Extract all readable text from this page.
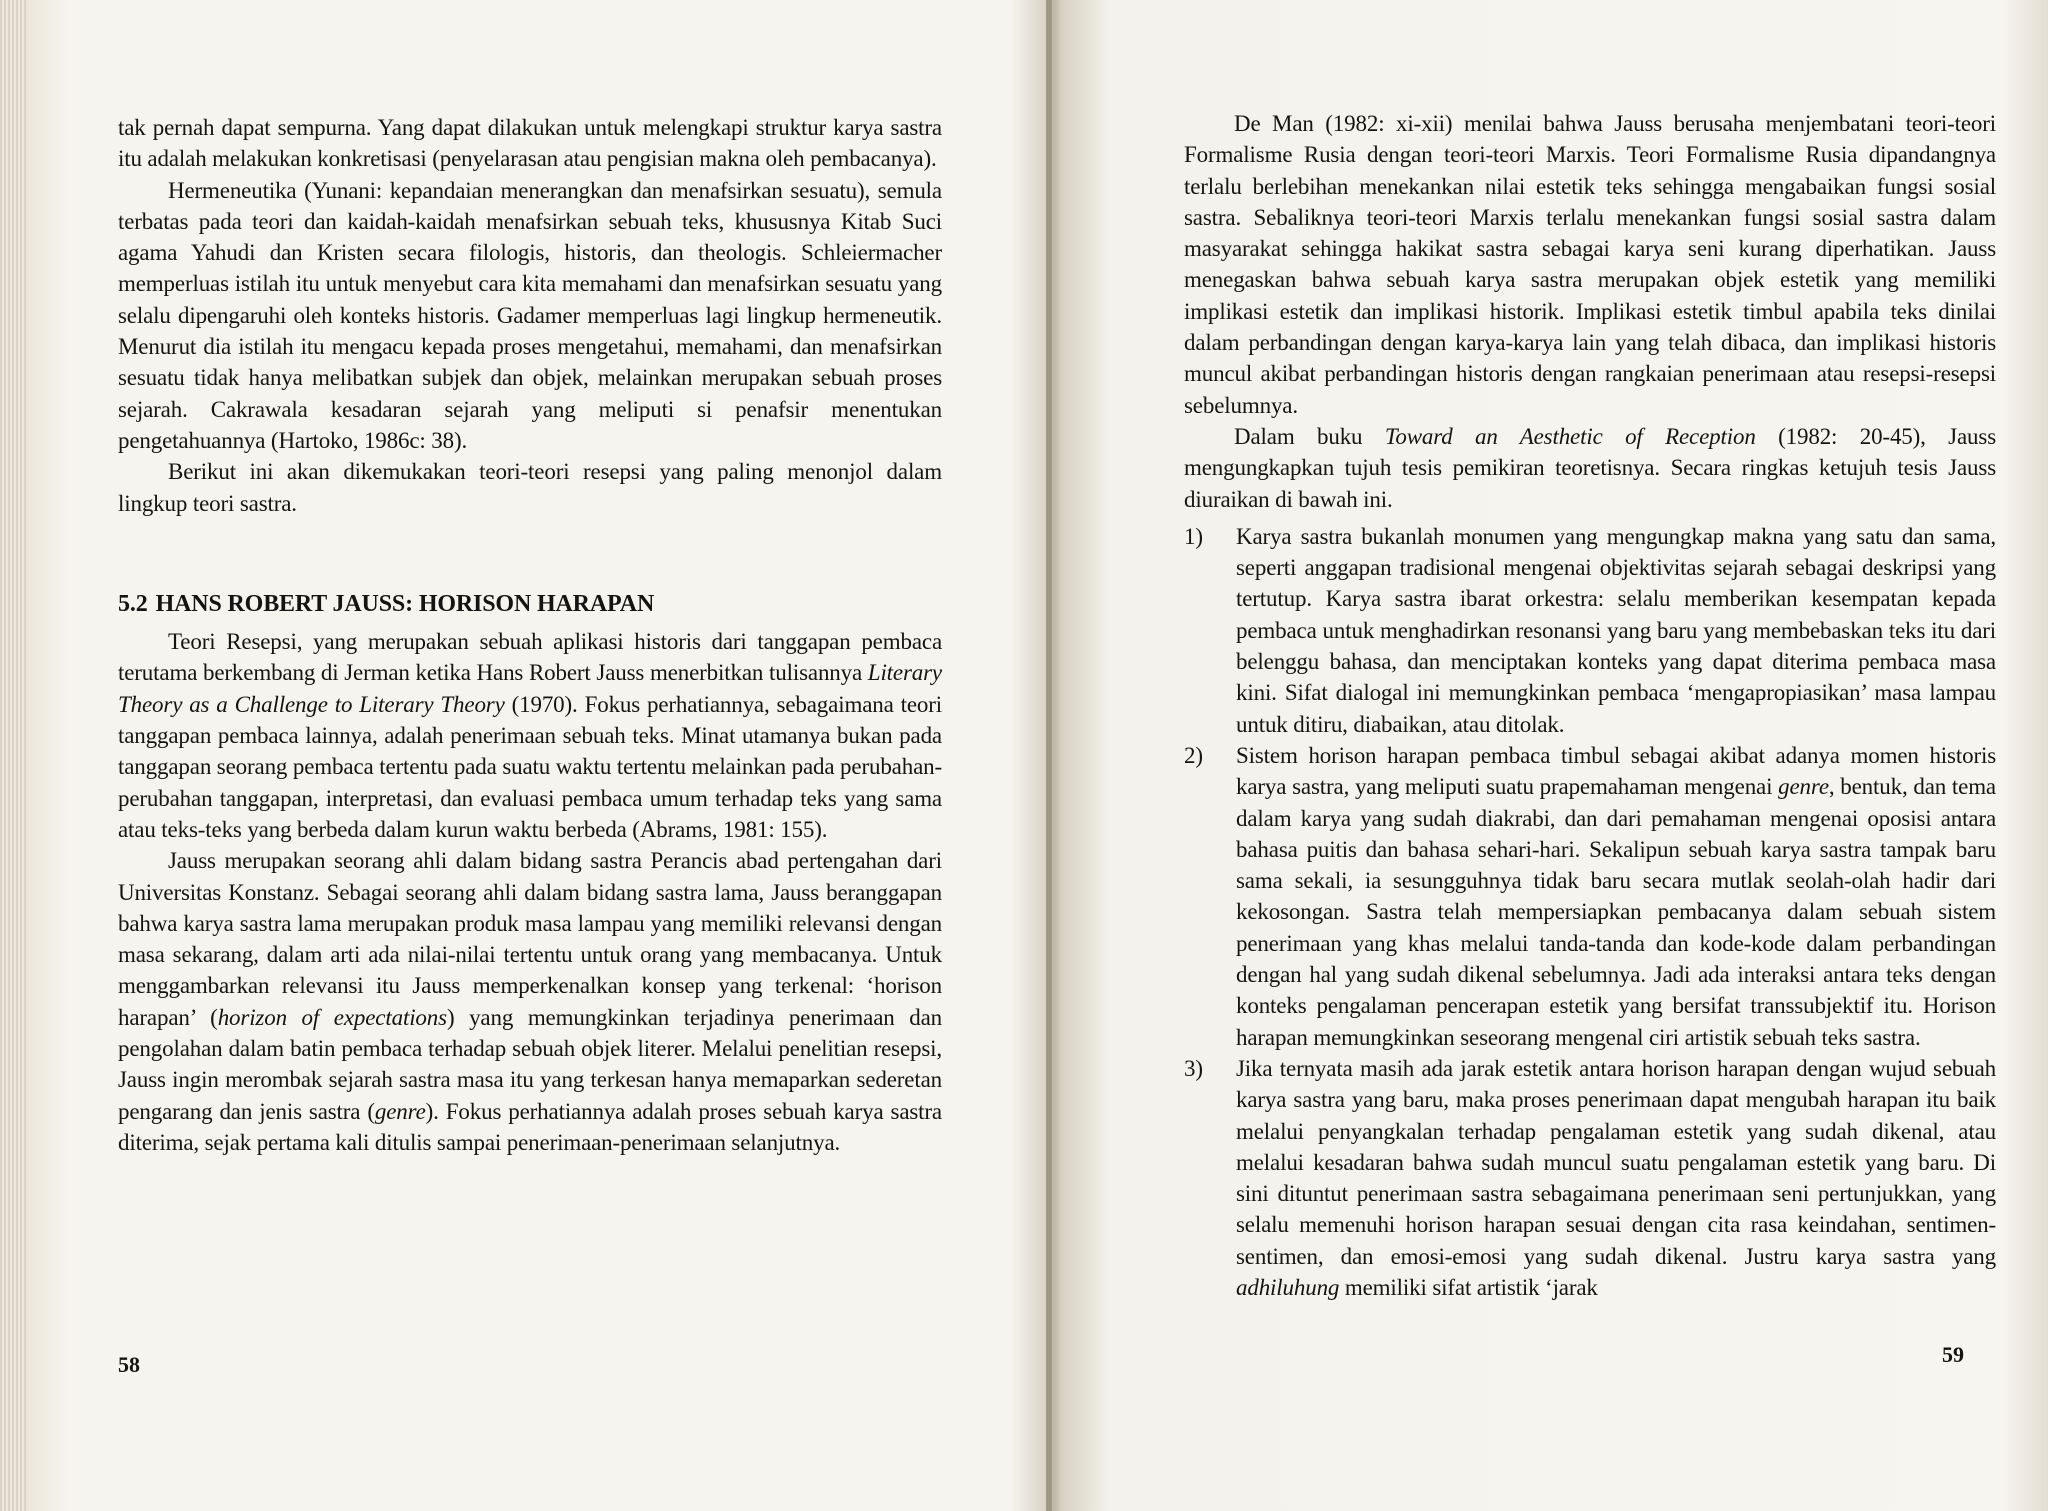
tak pernah dapat sempurna. Yang dapat dilakukan untuk melengkapi struktur karya sastra itu adalah melakukan konkretisasi (penyelarasan atau pengisian makna oleh pembacanya).

Hermeneutika (Yunani: kepandaian menerangkan dan menafsirkan sesuatu), semula terbatas pada teori dan kaidah-kaidah menafsirkan sebuah teks, khususnya Kitab Suci agama Yahudi dan Kristen secara filologis, historis, dan theologis. Schleiermacher memperluas istilah itu untuk menyebut cara kita memahami dan menafsirkan sesuatu yang selalu dipengaruhi oleh konteks historis. Gadamer memperluas lagi lingkup hermeneutik. Menurut dia istilah itu mengacu kepada proses mengetahui, memahami, dan menafsirkan sesuatu tidak hanya melibatkan subjek dan objek, melainkan merupakan sebuah proses sejarah. Cakrawala kesadaran sejarah yang meliputi si penafsir menentukan pengetahuannya (Hartoko, 1986c: 38).

Berikut ini akan dikemukakan teori-teori resepsi yang paling menonjol dalam lingkup teori sastra.

5.2 HANS ROBERT JAUSS: HORISON HARAPAN

Teori Resepsi, yang merupakan sebuah aplikasi historis dari tanggapan pembaca terutama berkembang di Jerman ketika Hans Robert Jauss menerbitkan tulisannya Literary Theory as a Challenge to Literary Theory (1970). Fokus perhatiannya, sebagaimana teori tanggapan pembaca lainnya, adalah penerimaan sebuah teks. Minat utamanya bukan pada tanggapan seorang pembaca tertentu pada suatu waktu tertentu melainkan pada perubahan-perubahan tanggapan, interpretasi, dan evaluasi pembaca umum terhadap teks yang sama atau teks-teks yang berbeda dalam kurun waktu berbeda (Abrams, 1981: 155).

Jauss merupakan seorang ahli dalam bidang sastra Perancis abad pertengahan dari Universitas Konstanz. Sebagai seorang ahli dalam bidang sastra lama, Jauss beranggapan bahwa karya sastra lama merupakan produk masa lampau yang memiliki relevansi dengan masa sekarang, dalam arti ada nilai-nilai tertentu untuk orang yang membacanya. Untuk menggambarkan relevansi itu Jauss memperkenalkan konsep yang terkenal: ‘horison harapan’ (horizon of expectations) yang memungkinkan terjadinya penerimaan dan pengolahan dalam batin pembaca terhadap sebuah objek literer. Melalui penelitian resepsi, Jauss ingin merombak sejarah sastra masa itu yang terkesan hanya memaparkan sederetan pengarang dan jenis sastra (genre). Fokus perhatiannya adalah proses sebuah karya sastra diterima, sejak pertama kali ditulis sampai penerimaan-penerimaan selanjutnya.

58

De Man (1982: xi-xii) menilai bahwa Jauss berusaha menjembatani teori-teori Formalisme Rusia dengan teori-teori Marxis. Teori Formalisme Rusia dipandangnya terlalu berlebihan menekankan nilai estetik teks sehingga mengabaikan fungsi sosial sastra. Sebaliknya teori-teori Marxis terlalu menekankan fungsi sosial sastra dalam masyarakat sehingga hakikat sastra sebagai karya seni kurang diperhatikan. Jauss menegaskan bahwa sebuah karya sastra merupakan objek estetik yang memiliki implikasi estetik dan implikasi historik. Implikasi estetik timbul apabila teks dinilai dalam perbandingan dengan karya-karya lain yang telah dibaca, dan implikasi historis muncul akibat perbandingan historis dengan rangkaian penerimaan atau resepsi-resepsi sebelumnya.

Dalam buku Toward an Aesthetic of Reception (1982: 20-45), Jauss mengungkapkan tujuh tesis pemikiran teoretisnya. Secara ringkas ketujuh tesis Jauss diuraikan di bawah ini.

1) Karya sastra bukanlah monumen yang mengungkap makna yang satu dan sama, seperti anggapan tradisional mengenai objektivitas sejarah sebagai deskripsi yang tertutup. Karya sastra ibarat orkestra: selalu memberikan kesempatan kepada pembaca untuk menghadirkan resonansi yang baru yang membebaskan teks itu dari belenggu bahasa, dan menciptakan konteks yang dapat diterima pembaca masa kini. Sifat dialogal ini memungkinkan pembaca ‘mengapropiasikan’ masa lampau untuk ditiru, diabaikan, atau ditolak.
2) Sistem horison harapan pembaca timbul sebagai akibat adanya momen historis karya sastra, yang meliputi suatu prapemahaman mengenai genre, bentuk, dan tema dalam karya yang sudah diakrabi, dan dari pemahaman mengenai oposisi antara bahasa puitis dan bahasa sehari-hari. Sekalipun sebuah karya sastra tampak baru sama sekali, ia sesungguhnya tidak baru secara mutlak seolah-olah hadir dari kekosongan. Sastra telah mempersiapkan pembacanya dalam sebuah sistem penerimaan yang khas melalui tanda-tanda dan kode-kode dalam perbandingan dengan hal yang sudah dikenal sebelumnya. Jadi ada interaksi antara teks dengan konteks pengalaman pencerapan estetik yang bersifat transsubjektif itu. Horison harapan memungkinkan seseorang mengenal ciri artistik sebuah teks sastra.
3) Jika ternyata masih ada jarak estetik antara horison harapan dengan wujud sebuah karya sastra yang baru, maka proses penerimaan dapat mengubah harapan itu baik melalui penyangkalan terhadap pengalaman estetik yang sudah dikenal, atau melalui kesadaran bahwa sudah muncul suatu pengalaman estetik yang baru. Di sini dituntut penerimaan sastra sebagaimana penerimaan seni pertunjukkan, yang selalu memenuhi horison harapan sesuai dengan cita rasa keindahan, sentimen-sentimen, dan emosi-emosi yang sudah dikenal. Justru karya sastra yang adhiluhung memiliki sifat artistik ‘jarak
59
